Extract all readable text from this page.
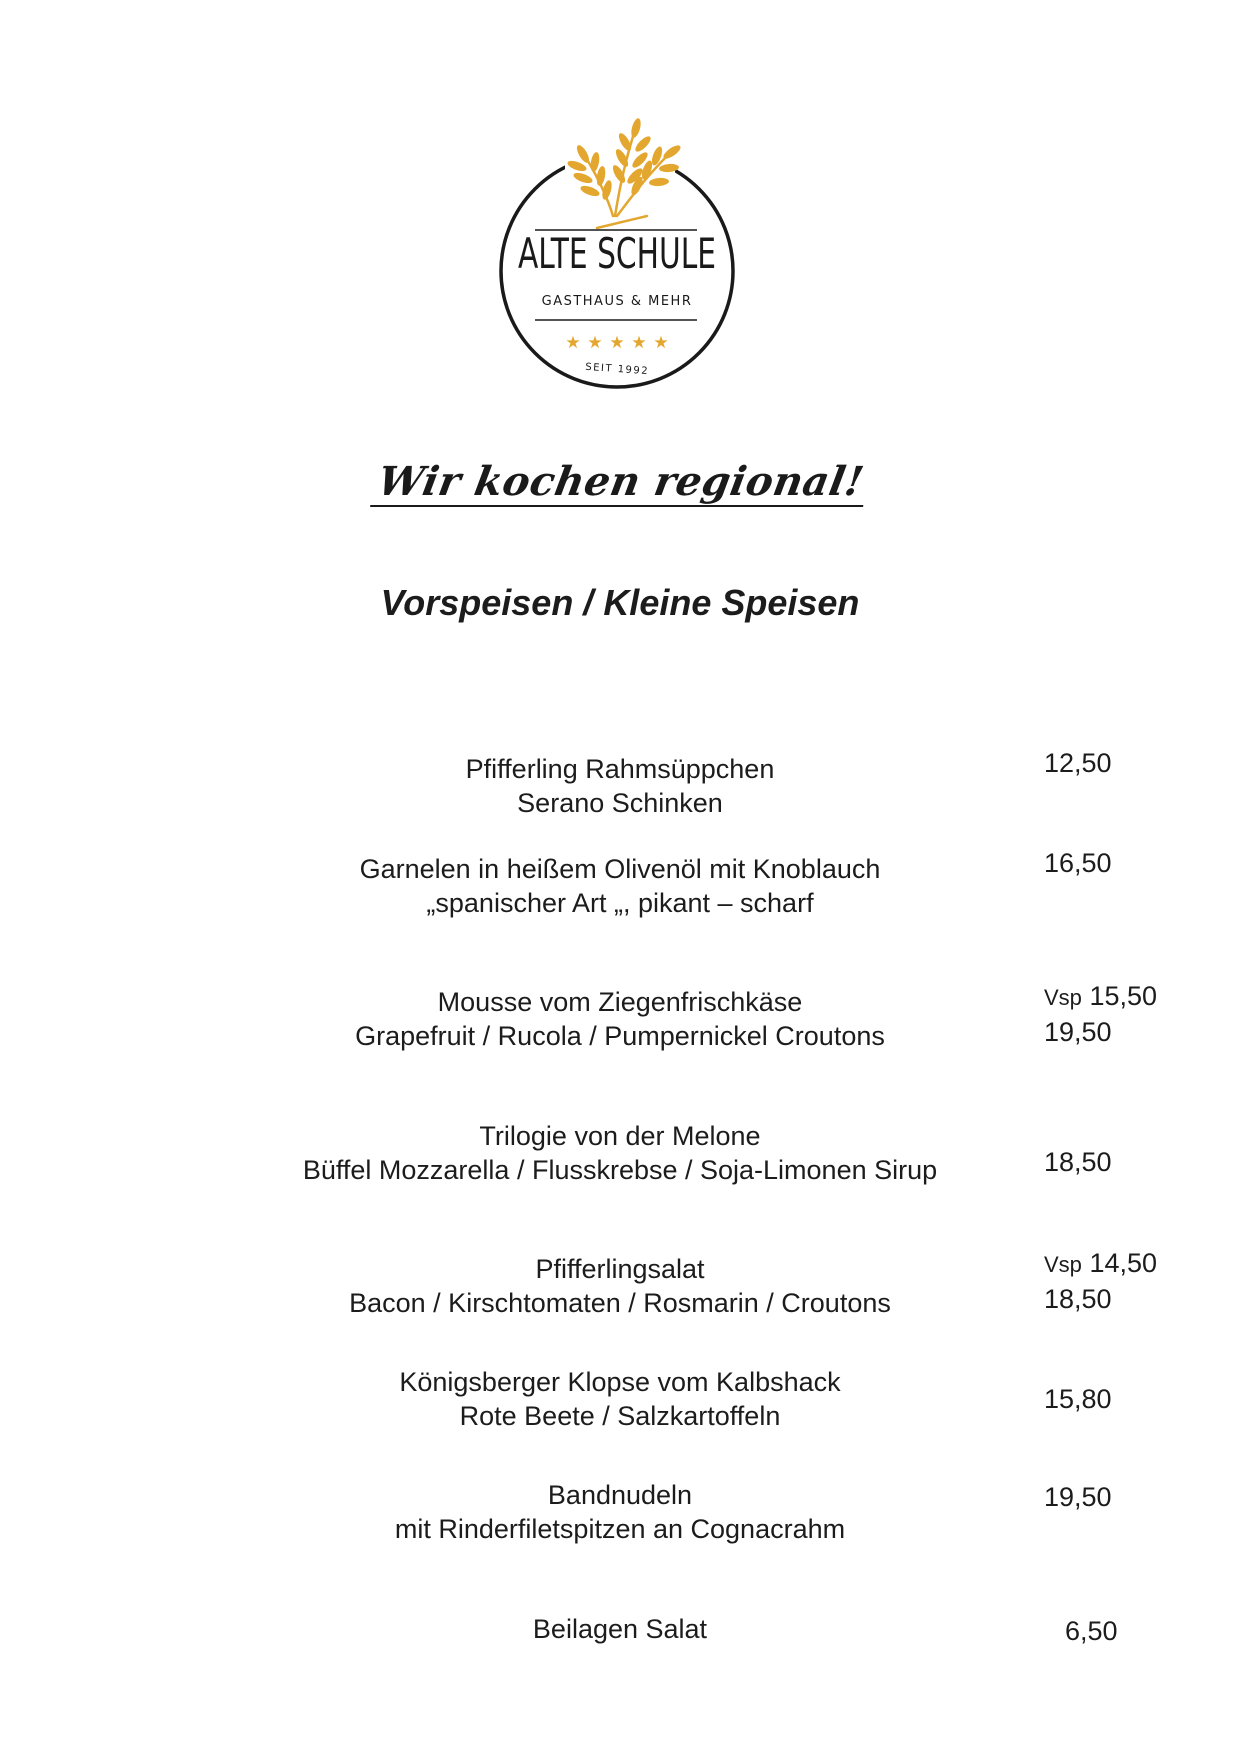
ALTE SCHULE
GASTHAUS & MEHR
★ ★ ★ ★ ★
SEIT 1992
Wir kochen regional!
Vorspeisen / Kleine Speisen
Pfifferling Rahmsüppchen
Serano Schinken
12,50
Garnelen in heißem Olivenöl mit Knoblauch
„spanischer Art „, pikant – scharf
16,50
Mousse vom Ziegenfrischkäse
Grapefruit / Rucola / Pumpernickel Croutons
Vsp 15,50
19,50
Trilogie von der Melone
Büffel Mozzarella / Flusskrebse / Soja-Limonen Sirup	18,50
Pfifferlingsalat
Bacon / Kirschtomaten / Rosmarin / Croutons
Vsp 14,50
18,50
Königsberger Klopse vom Kalbshack
Rote Beete / Salzkartoffeln
15,80
Bandnudeln
mit Rinderfiletspitzen an Cognacrahm
19,50
Beilagen Salat	6,50
